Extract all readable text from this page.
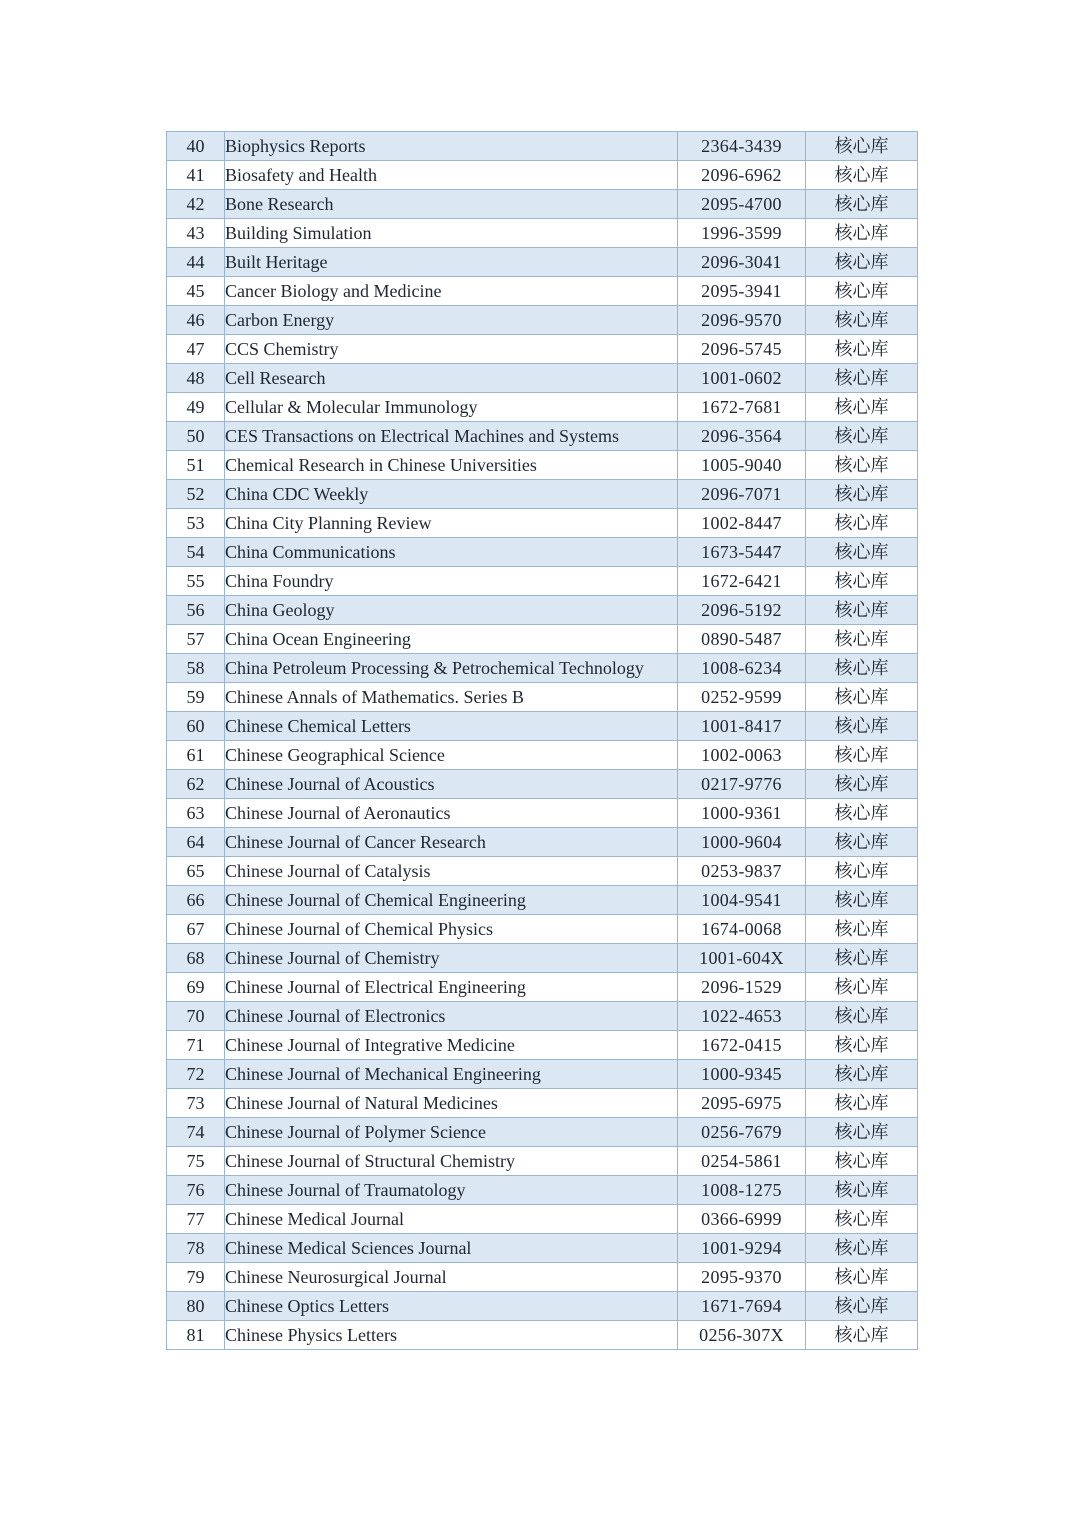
40	Biophysics Reports	2364-3439	核心库
41	Biosafety and Health	2096-6962	核心库
42	Bone Research	2095-4700	核心库
43	Building Simulation	1996-3599	核心库
44	Built Heritage	2096-3041	核心库
45	Cancer Biology and Medicine	2095-3941	核心库
46	Carbon Energy	2096-9570	核心库
47	CCS Chemistry	2096-5745	核心库
48	Cell Research	1001-0602	核心库
49	Cellular & Molecular Immunology	1672-7681	核心库
50	CES Transactions on Electrical Machines and Systems	2096-3564	核心库
51	Chemical Research in Chinese Universities	1005-9040	核心库
52	China CDC Weekly	2096-7071	核心库
53	China City Planning Review	1002-8447	核心库
54	China Communications	1673-5447	核心库
55	China Foundry	1672-6421	核心库
56	China Geology	2096-5192	核心库
57	China Ocean Engineering	0890-5487	核心库
58	China Petroleum Processing & Petrochemical Technology	1008-6234	核心库
59	Chinese Annals of Mathematics. Series B	0252-9599	核心库
60	Chinese Chemical Letters	1001-8417	核心库
61	Chinese Geographical Science	1002-0063	核心库
62	Chinese Journal of Acoustics	0217-9776	核心库
63	Chinese Journal of Aeronautics	1000-9361	核心库
64	Chinese Journal of Cancer Research	1000-9604	核心库
65	Chinese Journal of Catalysis	0253-9837	核心库
66	Chinese Journal of Chemical Engineering	1004-9541	核心库
67	Chinese Journal of Chemical Physics	1674-0068	核心库
68	Chinese Journal of Chemistry	1001-604X	核心库
69	Chinese Journal of Electrical Engineering	2096-1529	核心库
70	Chinese Journal of Electronics	1022-4653	核心库
71	Chinese Journal of Integrative Medicine	1672-0415	核心库
72	Chinese Journal of Mechanical Engineering	1000-9345	核心库
73	Chinese Journal of Natural Medicines	2095-6975	核心库
74	Chinese Journal of Polymer Science	0256-7679	核心库
75	Chinese Journal of Structural Chemistry	0254-5861	核心库
76	Chinese Journal of Traumatology	1008-1275	核心库
77	Chinese Medical Journal	0366-6999	核心库
78	Chinese Medical Sciences Journal	1001-9294	核心库
79	Chinese Neurosurgical Journal	2095-9370	核心库
80	Chinese Optics Letters	1671-7694	核心库
81	Chinese Physics Letters	0256-307X	核心库
